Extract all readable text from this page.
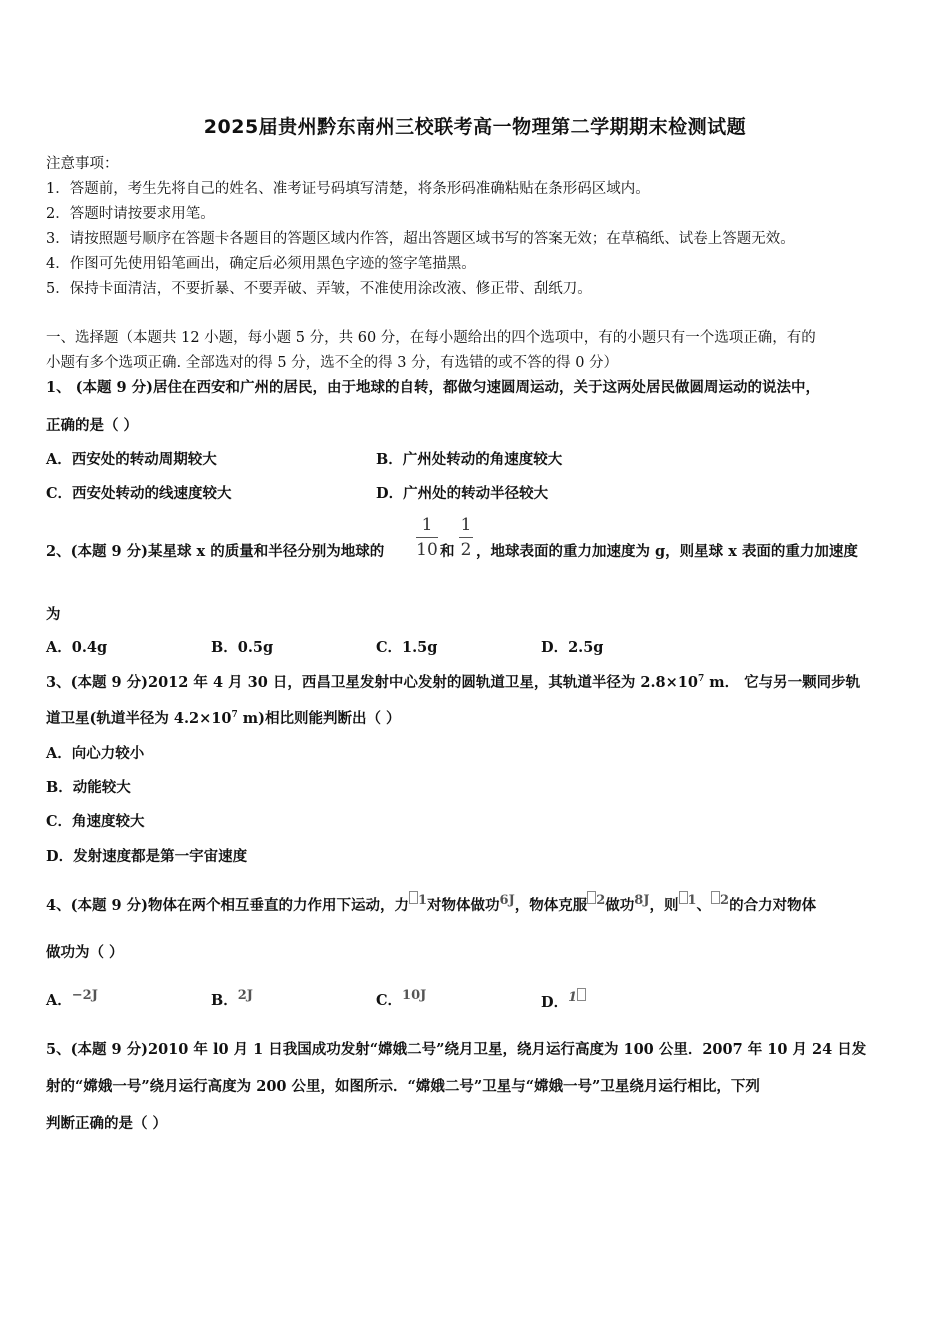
2025届贵州黔东南州三校联考高一物理第二学期期末检测试题
注意事项：
1．答题前，考生先将自己的姓名、准考证号码填写清楚，将条形码准确粘贴在条形码区域内。
2．答题时请按要求用笔。
3．请按照题号顺序在答题卡各题目的答题区域内作答，超出答题区域书写的答案无效；在草稿纸、试卷上答题无效。
4．作图可先使用铅笔画出，确定后必须用黑色字迹的签字笔描黑。
5．保持卡面清洁，不要折暴、不要弄破、弄皱，不准使用涂改液、修正带、刮纸刀。
一、选择题（本题共 12 小题，每小题 5 分，共 60 分，在每小题给出的四个选项中，有的小题只有一个选项正确，有的
小题有多个选项正确. 全部选对的得 5 分，选不全的得 3 分，有选错的或不答的得 0 分）
1、 (本题 9 分)居住在西安和广州的居民，由于地球的自转，都做匀速圆周运动，关于这两处居民做圆周运动的说法中，
正确的是（ ）
A．西安处的转动周期较大	B．广州处转动的角速度较大
C．西安处转动的线速度较大	D．广州处的转动半径较大
2、(本题 9 分)某星球 x 的质量和半径分别为地球的
1
10 和
1
2 ，地球表面的重力加速度为 g，则星球 x 表面的重力加速度
为
A．0.4g	B．0.5g	C．1.5g	D．2.5g
3、(本题 9 分)2012 年 4 月 30 日，西昌卫星发射中心发射的圆轨道卫星，其轨道半径为 $2.8\times 10^7$ m． 它与另一颗同步轨
道卫星(轨道半径为 $4.2\times 10^7$ m)相比则能判断出（ ）
A．向心力较小
B．动能较大
C．角速度较大
D．发射速度都是第一宇宙速度
4、(本题 9 分)物体在两个相互垂直的力作用下运动，力 1对物体做功6J，物体克服 2做功8J，则 1、 2的合力对物体
做功为（ ）
A．−2J	B．2J	C．10J	D．1
5、(本题 9 分)2010 年 l0 月 1 日我国成功发射“嫦娥二号”绕月卫星，绕月运行高度为 100 公里．2007 年 10 月 24 日发
射的“嫦娥一号”绕月运行高度为 200 公里，如图所示．“嫦娥二号”卫星与“嫦娥一号”卫星绕月运行相比，下列
判断正确的是（ ）
